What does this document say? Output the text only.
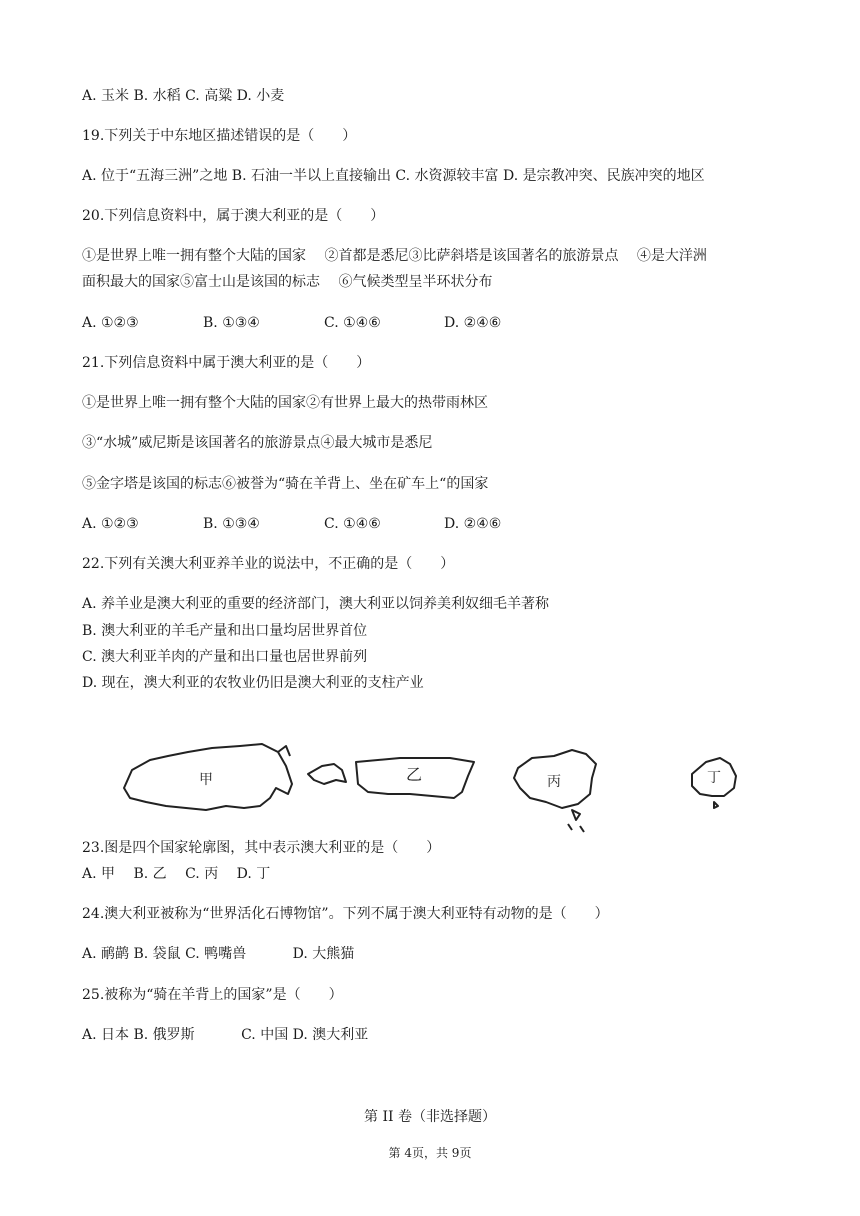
A. 玉米 B. 水稻 C. 高粱 D. 小麦
19.下列关于中东地区描述错误的是（　　）
A. 位于“五海三洲”之地 B. 石油一半以上直接输出 C. 水资源较丰富 D. 是宗教冲突、民族冲突的地区
20.下列信息资料中，属于澳大利亚的是（　　）
①是世界上唯一拥有整个大陆的国家　 ②首都是悉尼③比萨斜塔是该国著名的旅游景点　 ④是大洋洲
面积最大的国家⑤富士山是该国的标志　 ⑥气候类型呈半环状分布
A. ①②③	B. ①③④	C. ①④⑥	D. ②④⑥
21.下列信息资料中属于澳大利亚的是（　　）
①是世界上唯一拥有整个大陆的国家②有世界上最大的热带雨林区
③“水城”威尼斯是该国著名的旅游景点④最大城市是悉尼
⑤金字塔是该国的标志⑥被誉为“骑在羊背上、坐在矿车上“的国家
A. ①②③	B. ①③④	C. ①④⑥	D. ②④⑥
22.下列有关澳大利亚养羊业的说法中，不正确的是（　　）
A. 养羊业是澳大利亚的重要的经济部门，澳大利亚以饲养美利奴细毛羊著称
B. 澳大利亚的羊毛产量和出口量均居世界首位
C. 澳大利亚羊肉的产量和出口量也居世界前列
D. 现在，澳大利亚的农牧业仍旧是澳大利亚的支柱产业
甲	乙	丙	丁
23.图是四个国家轮廓图，其中表示澳大利亚的是（　　）
A. 甲　 B. 乙　 C. 丙　 D. 丁
24.澳大利亚被称为“世界活化石博物馆”。下列不属于澳大利亚特有动物的是（　　）
A. 鸸鹋 B. 袋鼠 C. 鸭嘴兽　　　 D. 大熊猫
25.被称为“骑在羊背上的国家”是（　　）
A. 日本 B. 俄罗斯　　　 C. 中国 D. 澳大利亚
第 II 卷（非选择题）
第 4页，共 9页
